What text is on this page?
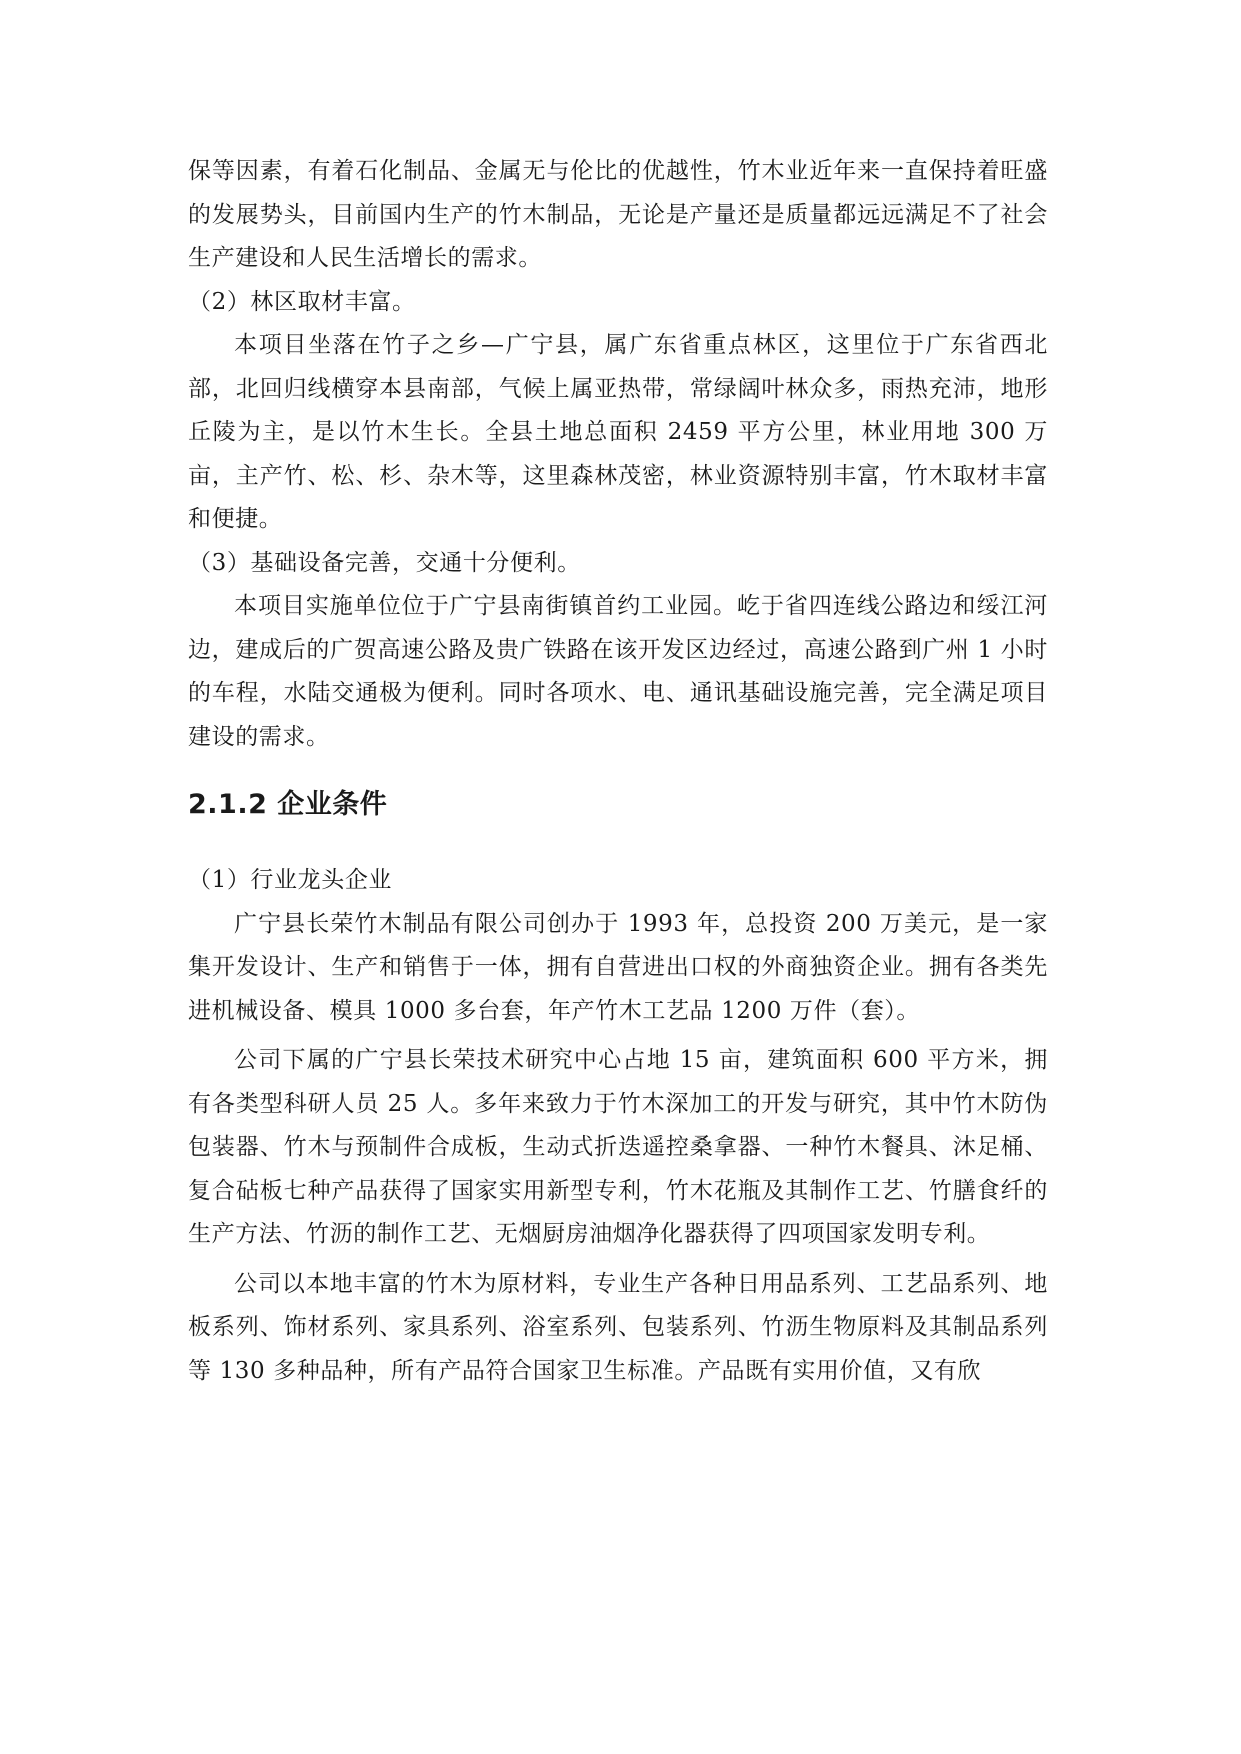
保等因素，有着石化制品、金属无与伦比的优越性，竹木业近年来一直保持着旺盛的发展势头，目前国内生产的竹木制品，无论是产量还是质量都远远满足不了社会生产建设和人民生活增长的需求。

（2）林区取材丰富。

本项目坐落在竹子之乡—广宁县，属广东省重点林区，这里位于广东省西北部，北回归线横穿本县南部，气候上属亚热带，常绿阔叶林众多，雨热充沛，地形丘陵为主，是以竹木生长。全县土地总面积 2459 平方公里，林业用地 300 万亩，主产竹、松、杉、杂木等，这里森林茂密，林业资源特别丰富，竹木取材丰富和便捷。

（3）基础设备完善，交通十分便利。

本项目实施单位位于广宁县南街镇首约工业园。屹于省四连线公路边和绥江河边，建成后的广贺高速公路及贵广铁路在该开发区边经过，高速公路到广州 1 小时的车程，水陆交通极为便利。同时各项水、电、通讯基础设施完善，完全满足项目建设的需求。

2.1.2 企业条件

（1）行业龙头企业

广宁县长荣竹木制品有限公司创办于 1993 年，总投资 200 万美元，是一家集开发设计、生产和销售于一体，拥有自营进出口权的外商独资企业。拥有各类先进机械设备、模具 1000 多台套，年产竹木工艺品 1200 万件（套）。

公司下属的广宁县长荣技术研究中心占地 15 亩，建筑面积 600 平方米，拥有各类型科研人员 25 人。多年来致力于竹木深加工的开发与研究，其中竹木防伪包装器、竹木与预制件合成板，生动式折迭遥控桑拿器、一种竹木餐具、沐足桶、复合砧板七种产品获得了国家实用新型专利，竹木花瓶及其制作工艺、竹膳食纤的生产方法、竹沥的制作工艺、无烟厨房油烟净化器获得了四项国家发明专利。

公司以本地丰富的竹木为原材料，专业生产各种日用品系列、工艺品系列、地板系列、饰材系列、家具系列、浴室系列、包装系列、竹沥生物原料及其制品系列等 130 多种品种，所有产品符合国家卫生标准。产品既有实用价值，又有欣
